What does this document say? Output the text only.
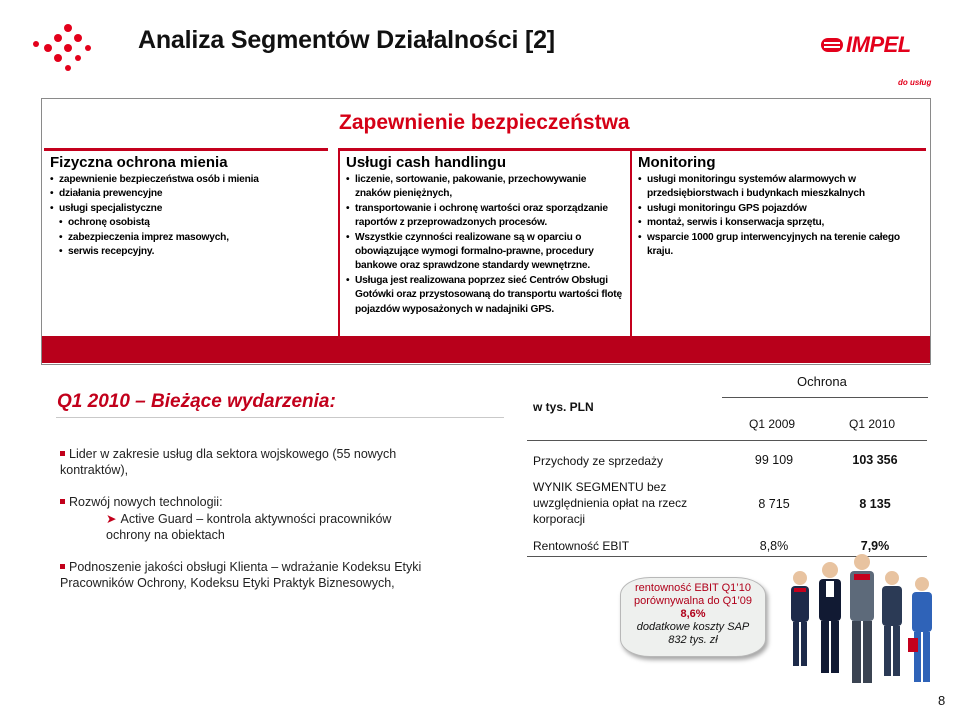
Analiza Segmentów Działalności [2]	IMPEL
do usług
Zapewnienie bezpieczeństwa
Fizyczna ochrona mienia
• zapewnienie bezpieczeństwa osób i mienia
• działania prewencyjne
• usługi specjalistyczne
• ochronę osobistą
• zabezpieczenia imprez masowych,
• serwis recepcyjny.
Usługi cash handlingu
• liczenie, sortowanie, pakowanie, przechowywanie znaków pieniężnych,
• transportowanie i ochronę wartości oraz sporządzanie raportów z przeprowadzonych procesów.
• Wszystkie czynności realizowane są w oparciu o obowiązujące wymogi formalno-prawne, procedury bankowe oraz sprawdzone standardy wewnętrzne.
• Usługa jest realizowana poprzez sieć Centrów Obsługi Gotówki oraz przystosowaną do transportu wartości flotę pojazdów wyposażonych w nadajniki GPS.
Monitoring
• usługi monitoringu systemów alarmowych w przedsiębiorstwach i budynkach mieszkalnych
• usługi monitoringu GPS pojazdów
• montaż, serwis i konserwacja sprzętu,
• wsparcie 1000 grup interwencyjnych na terenie całego kraju.
Q1 2010 – Bieżące wydarzenia:
Lider w zakresie usług dla sektora wojskowego (55 nowych kontraktów),
Rozwój nowych technologii:
➤ Active Guard – kontrola aktywności pracowników ochrony na obiektach
Podnoszenie jakości obsługi Klienta – wdrażanie Kodeksu Etyki Pracowników Ochrony, Kodeksu Etyki Praktyk Biznesowych,
Ochrona
w tys. PLN
Q1 2009	Q1 2010
Przychody ze sprzedaży	99 109	103 356
WYNIK SEGMENTU bez uwzględnienia opłat na rzecz korporacji
8 715	8 135
Rentowność EBIT	8,8%	7,9%
rentowność EBIT Q1’10
porównywalna do Q1’09
8,6%
dodatkowe koszty SAP
832 tys. zł
8
